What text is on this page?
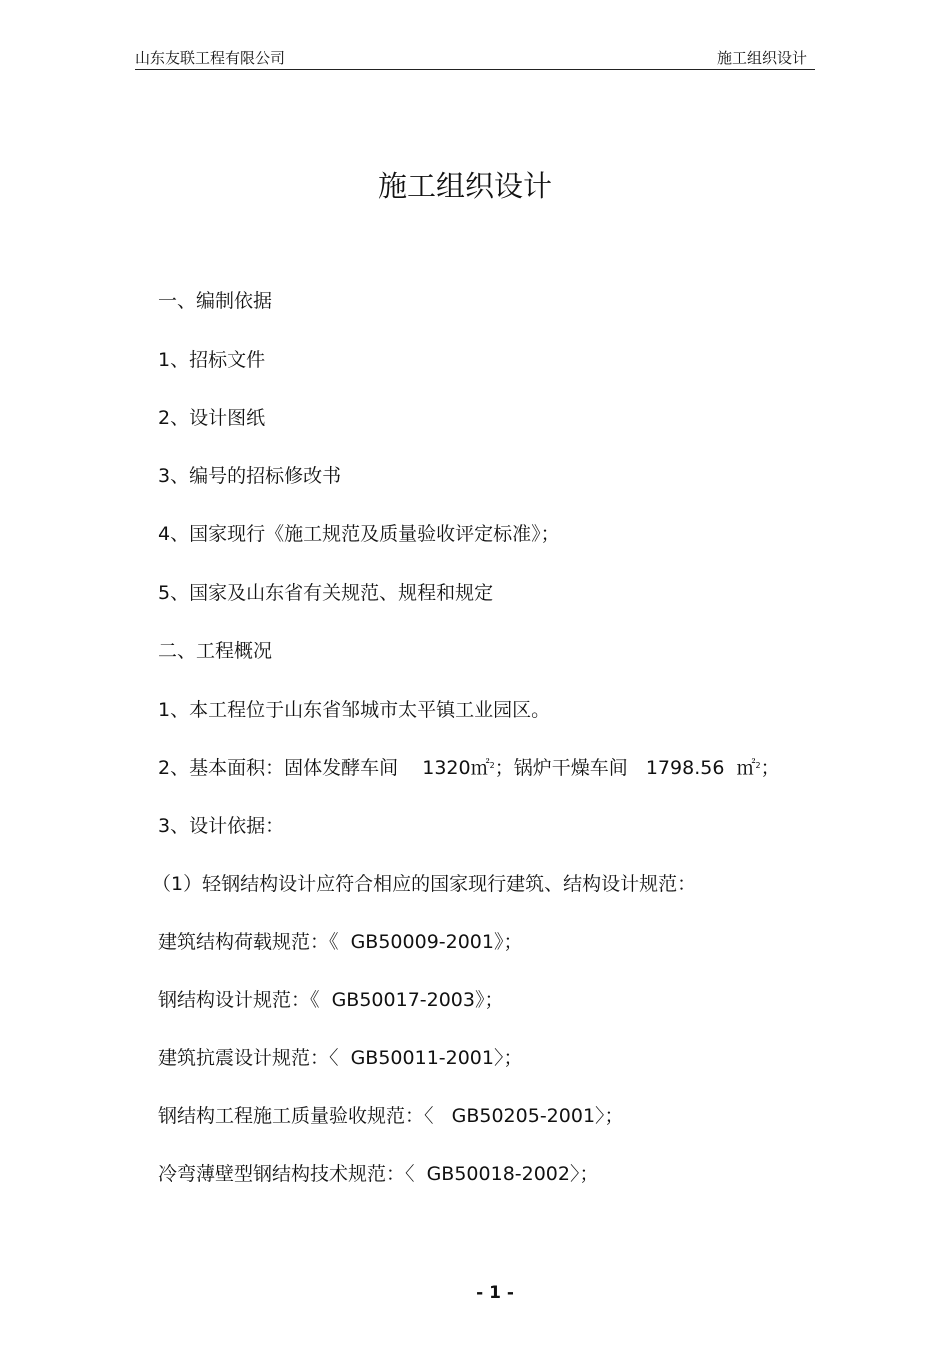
山东友联工程有限公司	施工组织设计
施工组织设计
一、编制依据
1、招标文件
2、设计图纸
3、编号的招标修改书
4、国家现行《施工规范及质量验收评定标准》；
5、国家及山东省有关规范、规程和规定
二、工程概况
1、本工程位于山东省邹城市太平镇工业园区。
2、基本面积：固体发酵车间    1320㎡$^2$；锅炉干燥车间   1798.56  ㎡$^2$；
3、设计依据：
（1）轻钢结构设计应符合相应的国家现行建筑、结构设计规范：
建筑结构荷载规范：《  GB50009-2001》；
钢结构设计规范：《  GB50017-2003》；
建筑抗震设计规范：〈  GB50011-2001〉；
钢结构工程施工质量验收规范：〈   GB50205-2001〉；
冷弯薄壁型钢结构技术规范：〈  GB50018-2002〉；
- 1 -
